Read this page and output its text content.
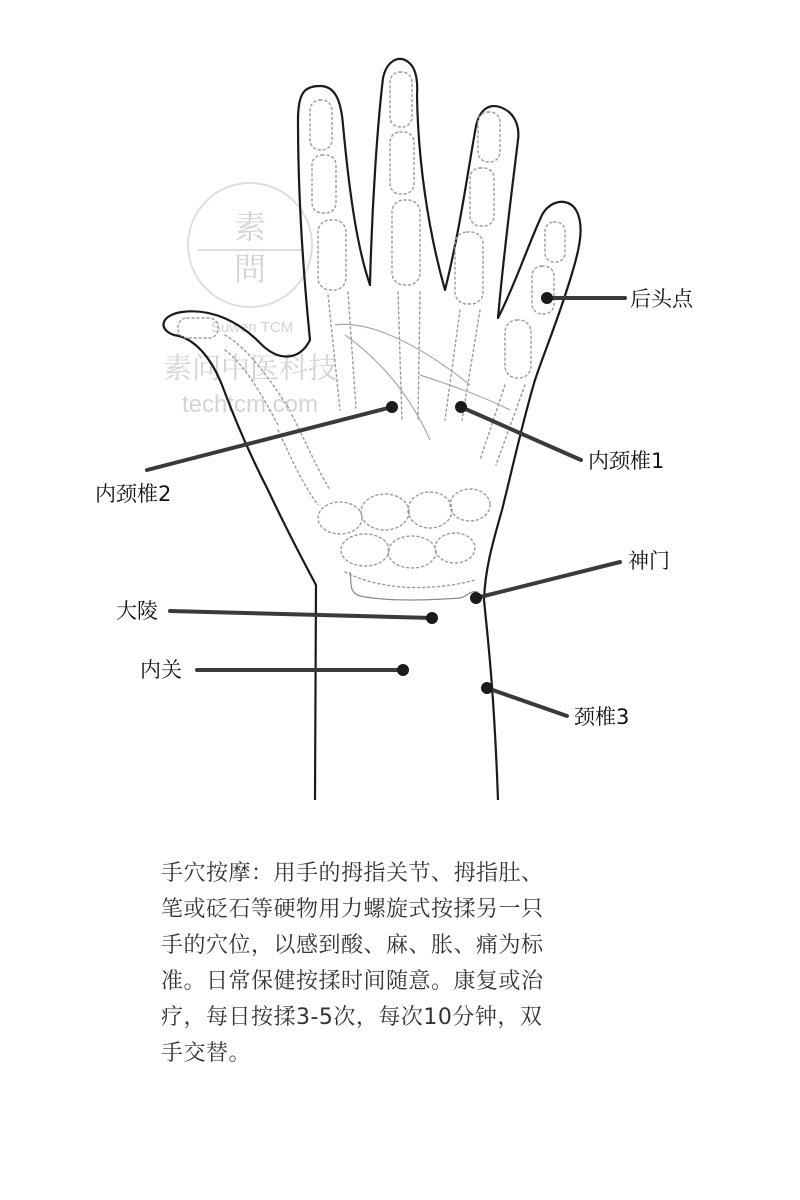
素
問
Suwen TCM
素问中医科技
techtcm.com
后头点
内颈椎1
内颈椎2
神门
大陵
内关
颈椎3
手穴按摩：用手的拇指关节、拇指肚、
笔或砭石等硬物用力螺旋式按揉另一只
手的穴位，以感到酸、麻、胀、痛为标
准。日常保健按揉时间随意。康复或治
疗，每日按揉3-5次，每次10分钟，双
手交替。
